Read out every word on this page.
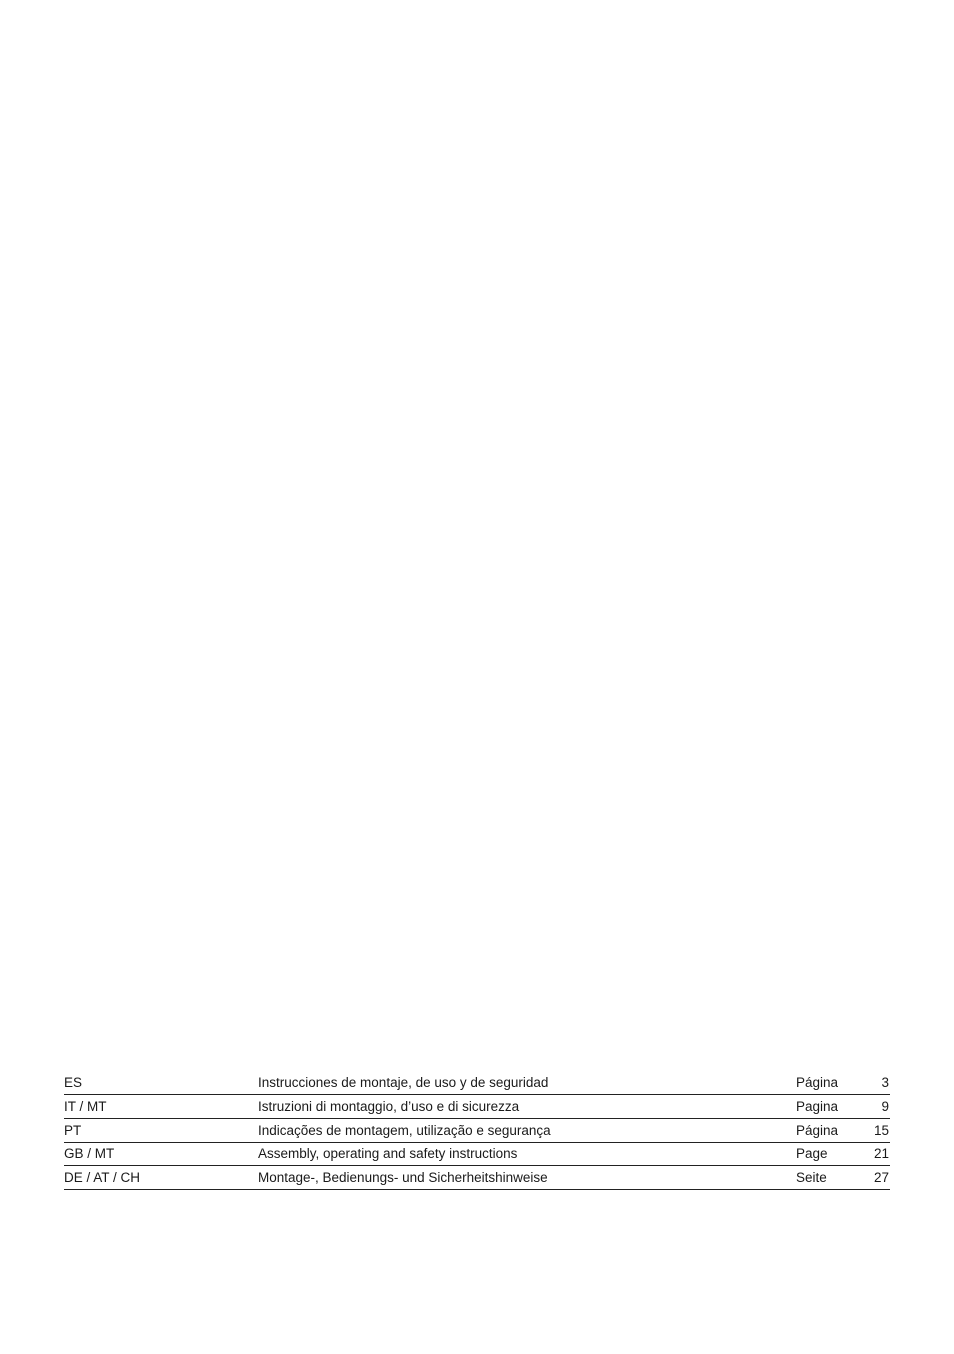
ES	Instrucciones de montaje, de uso y de seguridad	Página	3
IT / MT	Istruzioni di montaggio, d’uso e di sicurezza	Pagina	9
PT	Indicações de montagem, utilização e segurança	Página	15
GB / MT	Assembly, operating and safety instructions	Page	21
DE / AT / CH	Montage-, Bedienungs- und Sicherheitshinweise	Seite	27
